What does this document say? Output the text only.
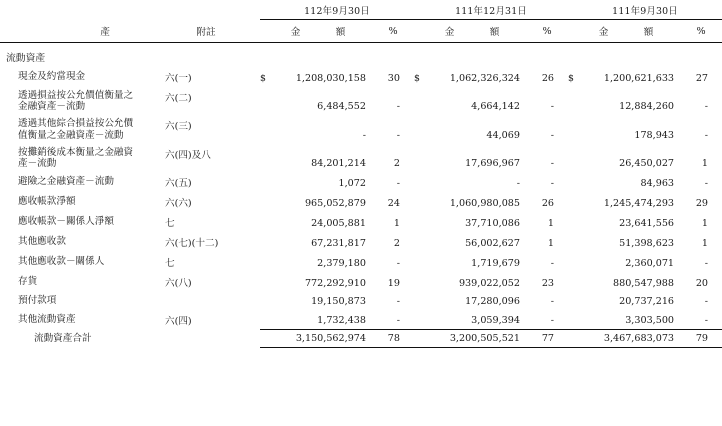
		112年9月30日			111年12月31日			111年9月30日		
產	附註	金 額		%	金 額		%	金 額		%
流動資產										
現金及約當現金	六(一)	$	1,208,030,158	30	$	1,062,326,324	26	$	1,200,621,633	27

透過損益按公允價值衡量之
金融資產－流動	六(二)		6,484,552	-		4,664,142	-		12,884,260	-

透過其他綜合損益按公允價
值衡量之金融資產－流動	六(三)		-	-		44,069	-		178,943	-

按攤銷後成本衡量之金融資
產－流動	六(四)及八		84,201,214	2		17,696,967	-		26,450,027	1
避險之金融資產－流動	六(五)		1,072	-		-	-		84,963	-
應收帳款淨額	六(六)		965,052,879	24		1,060,980,085	26		1,245,474,293	29
應收帳款－關係人淨額	七		24,005,881	1		37,710,086	1		23,641,556	1
其他應收款	六(七)(十二)		67,231,817	2		56,002,627	1		51,398,623	1
其他應收款－關係人	七		2,379,180	-		1,719,679	-		2,360,071	-
存貨	六(八)		772,292,910	19		939,022,052	23		880,547,988	20
預付款項			19,150,873	-		17,280,096	-		20,737,216	-
其他流動資產	六(四)		1,732,438	-		3,059,394	-		3,303,500	-
流動資產合計			3,150,562,974	78		3,200,505,521	77		3,467,683,073	79
